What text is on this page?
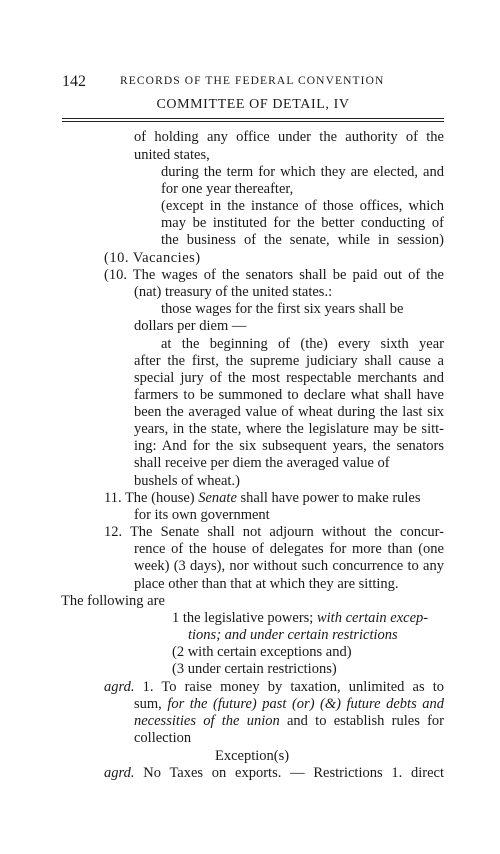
142	RECORDS OF THE FEDERAL CONVENTION
COMMITTEE OF DETAIL, IV
of holding any office under the authority of the
united states,
during the term for which they are elected, and
for one year thereafter,
(except in the instance of those offices, which
may be instituted for the better conducting of
the business of the senate, while in session)
(10. Vacancies)
(10. The wages of the senators shall be paid out of the
(nat) treasury of the united states.:
those wages for the first six years shall be
dollars per diem —
at the beginning of (the) every sixth year
after the first, the supreme judiciary shall cause a
special jury of the most respectable merchants and
farmers to be summoned to declare what shall have
been the averaged value of wheat during the last six
years, in the state, where the legislature may be sitt-
ing: And for the six subsequent years, the senators
shall receive per diem the averaged value of
bushels of wheat.)
11. The (house) Senate shall have power to make rules
for its own government
12. The Senate shall not adjourn without the concur-
rence of the house of delegates for more than (one
week) (3 days), nor without such concurrence to any
place other than that at which they are sitting.
The following are
1 the legislative powers; with certain excep-
tions; and under certain restrictions
(2 with certain exceptions and)
(3 under certain restrictions)
agrd. 1. To raise money by taxation, unlimited as to
sum, for the (future) past (or) (&) future debts and
necessities of the union and to establish rules for
collection
Exception(s)
agrd. No Taxes on exports. — Restrictions 1. direct
